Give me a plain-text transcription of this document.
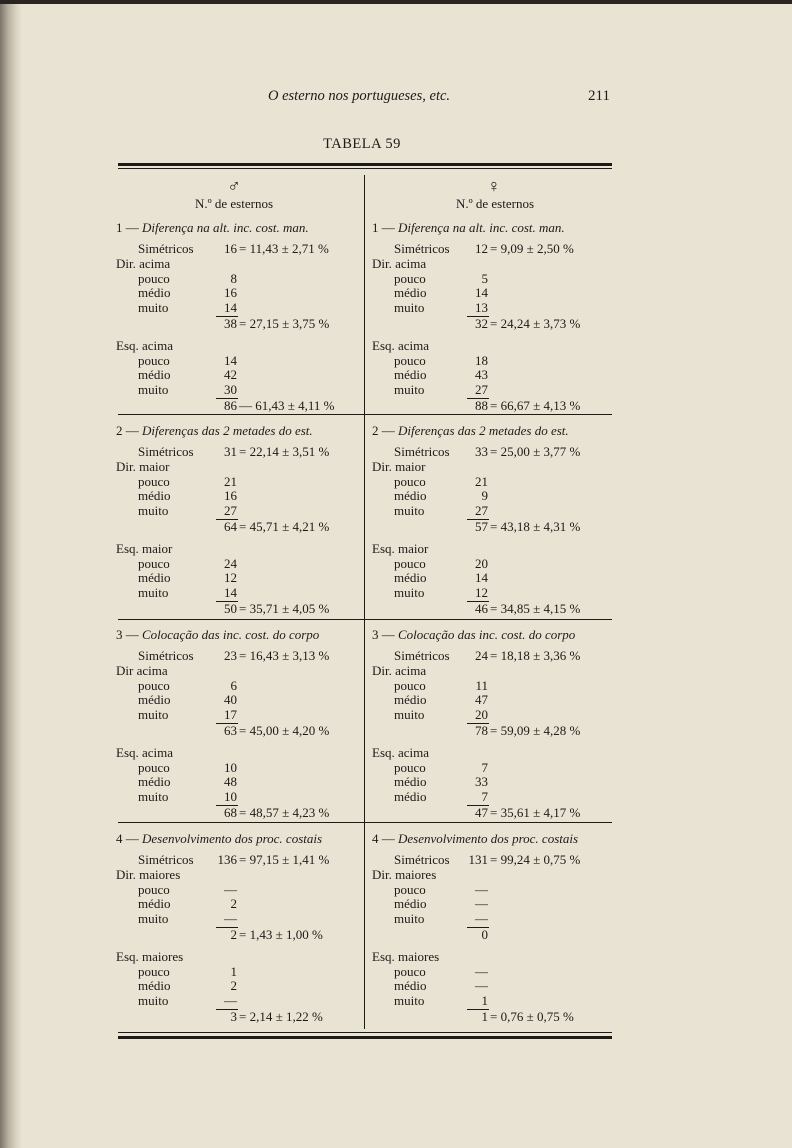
O esterno nos portugueses, etc.	211
TABELA 59
♂
N.º de esternos
1 — Diferença na alt. inc. cost. man.
Simétricos	16 = 11,43 ± 2,71 %
Dir. acima
pouco	8
médio	16
muito	14
38 = 27,15 ± 3,75 %
Esq. acima
pouco	14
médio	42
muito	30
86 — 61,43 ± 4,11 %
2 — Diferenças das 2 metades do est.
Simétricos	31 = 22,14 ± 3,51 %
Dir. maior
pouco	21
médio	16
muito	27
64 = 45,71 ± 4,21 %
Esq. maior
pouco	24
médio	12
muito	14
50 = 35,71 ± 4,05 %
3 — Colocação das inc. cost. do corpo
Simétricos	23 = 16,43 ± 3,13 %
Dir acima
pouco	6
médio	40
muito	17
63 = 45,00 ± 4,20 %
Esq. acima
pouco	10
médio	48
muito	10
68 = 48,57 ± 4,23 %
4 — Desenvolvimento dos proc. costais
Simétricos 136 = 97,15 ± 1,41 %
Dir. maiores
pouco	—
médio	2
muito	—
2 = 1,43 ± 1,00 %
Esq. maiores
pouco	1
médio	2
muito	—
3 = 2,14 ± 1,22 %
♀
N.º de esternos
1 — Diferença na alt. inc. cost. man.
Simétricos	12 = 9,09 ± 2,50 %
Dir. acima
pouco	5
médio	14
muito	13
32 = 24,24 ± 3,73 %
Esq. acima
pouco	18
médio	43
muito	27
88 = 66,67 ± 4,13 %
2 — Diferenças das 2 metades do est.
Simétricos	33 = 25,00 ± 3,77 %
Dir. maior
pouco	21
médio	9
muito	27
57 = 43,18 ± 4,31 %
Esq. maior
pouco	20
médio	14
muito	12
46 = 34,85 ± 4,15 %
3 — Colocação das inc. cost. do corpo
Simétricos	24 = 18,18 ± 3,36 %
Dir. acima
pouco	11
médio	47
muito	20
78 = 59,09 ± 4,28 %
Esq. acima
pouco	7
médio	33
médio	7
47 = 35,61 ± 4,17 %
4 — Desenvolvimento dos proc. costais
Simétricos 131 = 99,24 ± 0,75 %
Dir. maiores
pouco	—
médio	—
muito	—
0
Esq. maiores
pouco	—
médio	—
muito	1
1 = 0,76 ± 0,75 %
